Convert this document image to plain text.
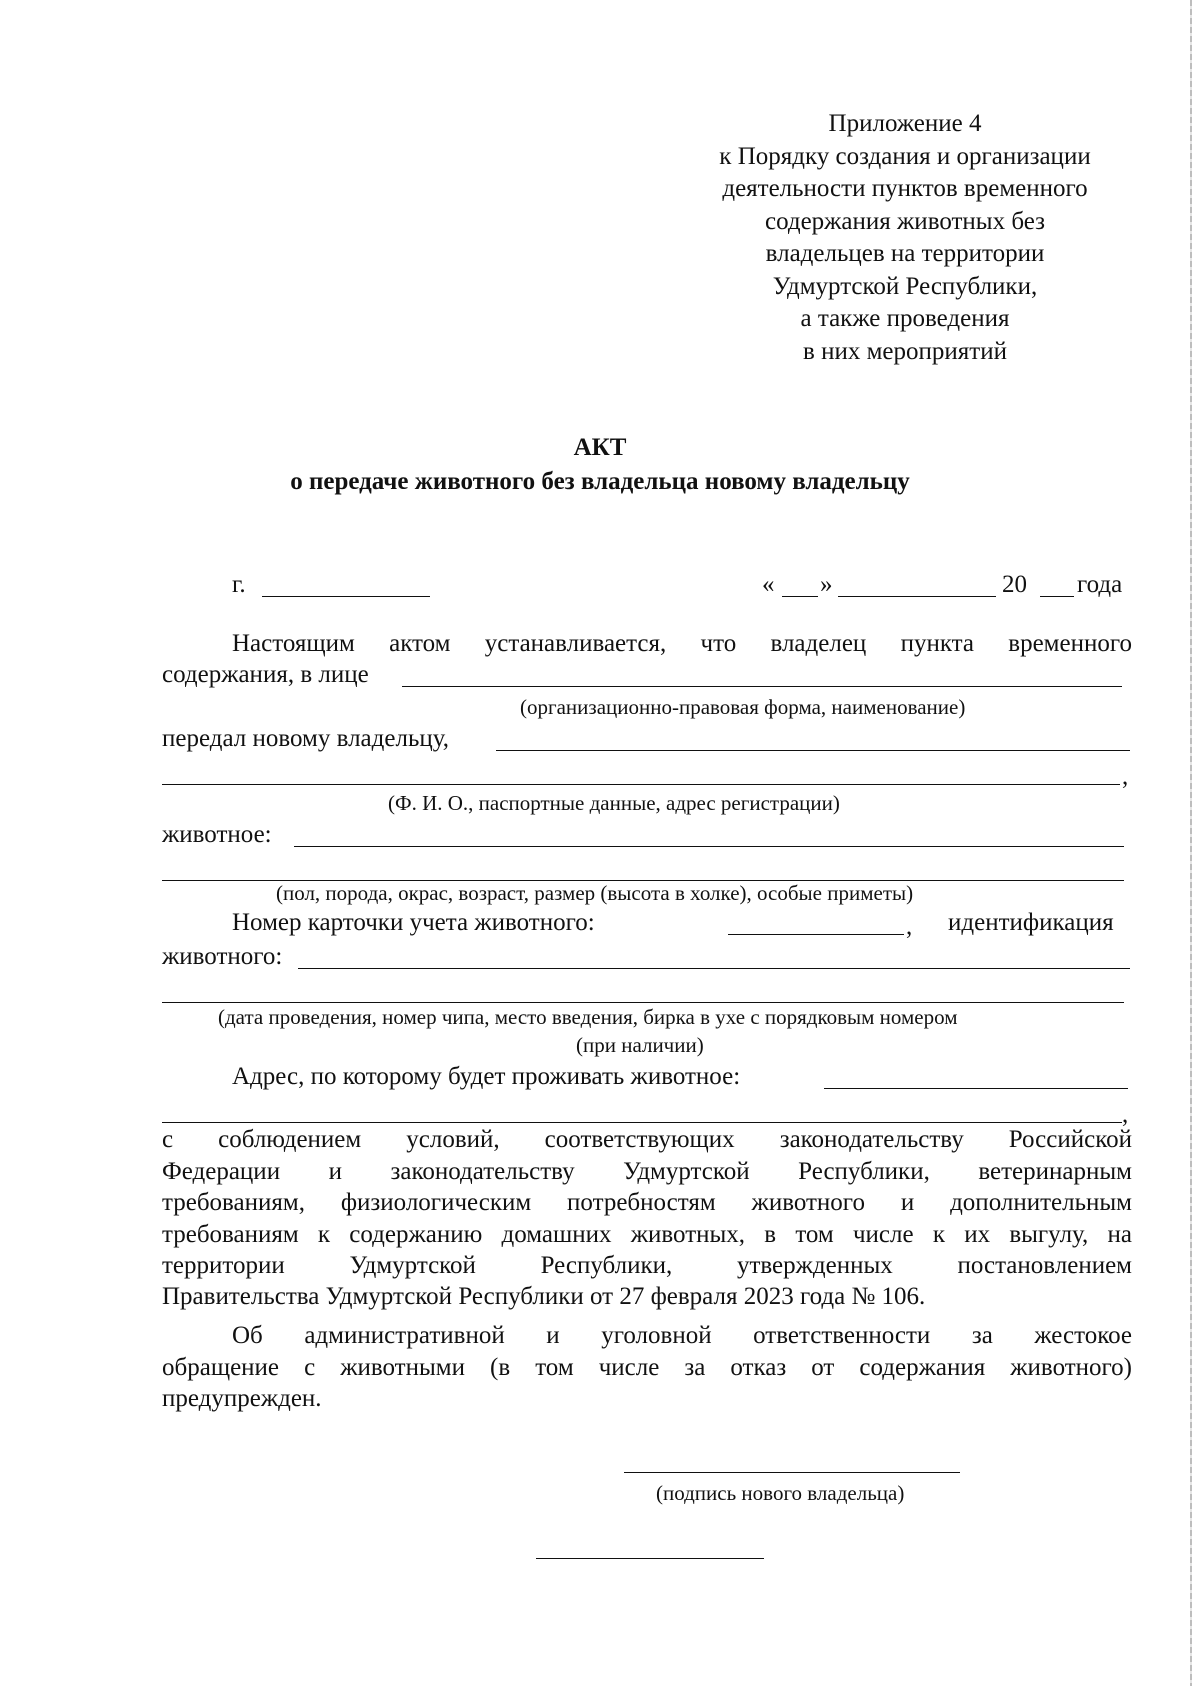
Приложение 4
к Порядку создания и организации
деятельности пунктов временного
содержания животных без
владельцев на территории
Удмуртской Республики,
а также проведения
в них мероприятий
АКТ
о передаче животного без владельца новому владельцу
г.	« »	20 года
Настоящим актом устанавливается, что владелец пункта временного
содержания, в лице
(организационно-правовая форма, наименование)
передал новому владельцу,
,
(Ф. И. О., паспортные данные, адрес регистрации)
животное:
(пол, порода, окрас, возраст, размер (высота в холке), особые приметы)
Номер карточки учета животного:	, идентификация
животного:
(дата проведения, номер чипа, место введения, бирка в ухе с порядковым номером
(при наличии)
Адрес, по которому будет проживать животное:
,
с соблюдением условий, соответствующих законодательству Российской
Федерации и законодательству Удмуртской Республики, ветеринарным
требованиям, физиологическим потребностям животного и дополнительным
требованиям к содержанию домашних животных, в том числе к их выгулу, на
территории Удмуртской Республики, утвержденных постановлением
Правительства Удмуртской Республики от 27 февраля 2023 года № 106.
Об административной и уголовной ответственности за жестокое
обращение с животными (в том числе за отказ от содержания животного)
предупрежден.
(подпись нового владельца)
